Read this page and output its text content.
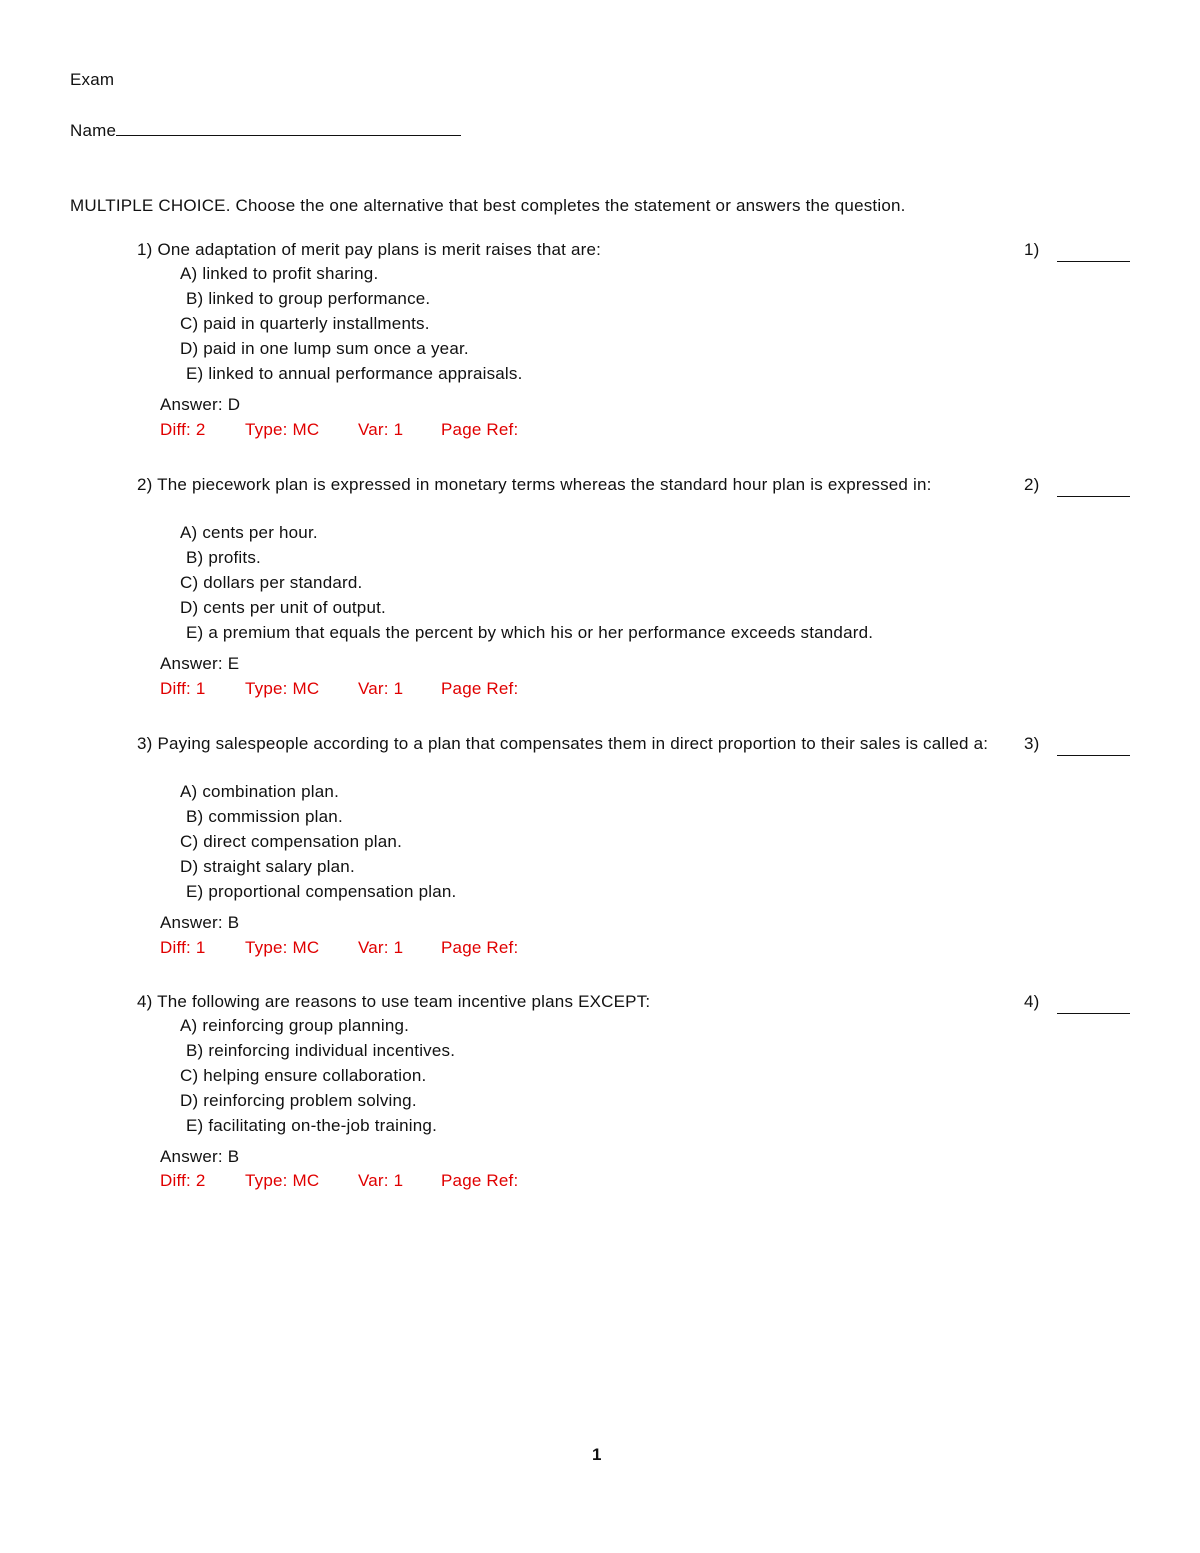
Exam
Name
MULTIPLE CHOICE. Choose the one alternative that best completes the statement or answers the question.
1) One adaptation of merit pay plans is merit raises that are:	1)
A) linked to profit sharing.
B) linked to group performance.
C) paid in quarterly installments.
D) paid in one lump sum once a year.
E) linked to annual performance appraisals.
Answer: D
Diff: 2 Type: MC Var: 1 Page Ref:
2) The piecework plan is expressed in monetary terms whereas the standard hour plan is expressed in:	2)
A) cents per hour.
B) profits.
C) dollars per standard.
D) cents per unit of output.
E) a premium that equals the percent by which his or her performance exceeds standard.
Answer: E
Diff: 1 Type: MC Var: 1 Page Ref:
3) Paying salespeople according to a plan that compensates them in direct proportion to their sales is called a:	3)
A) combination plan.
B) commission plan.
C) direct compensation plan.
D) straight salary plan.
E) proportional compensation plan.
Answer: B
Diff: 1 Type: MC Var: 1 Page Ref:
4) The following are reasons to use team incentive plans EXCEPT:	4)
A) reinforcing group planning.
B) reinforcing individual incentives.
C) helping ensure collaboration.
D) reinforcing problem solving.
E) facilitating on-the-job training.
Answer: B
Diff: 2 Type: MC Var: 1 Page Ref:
1
